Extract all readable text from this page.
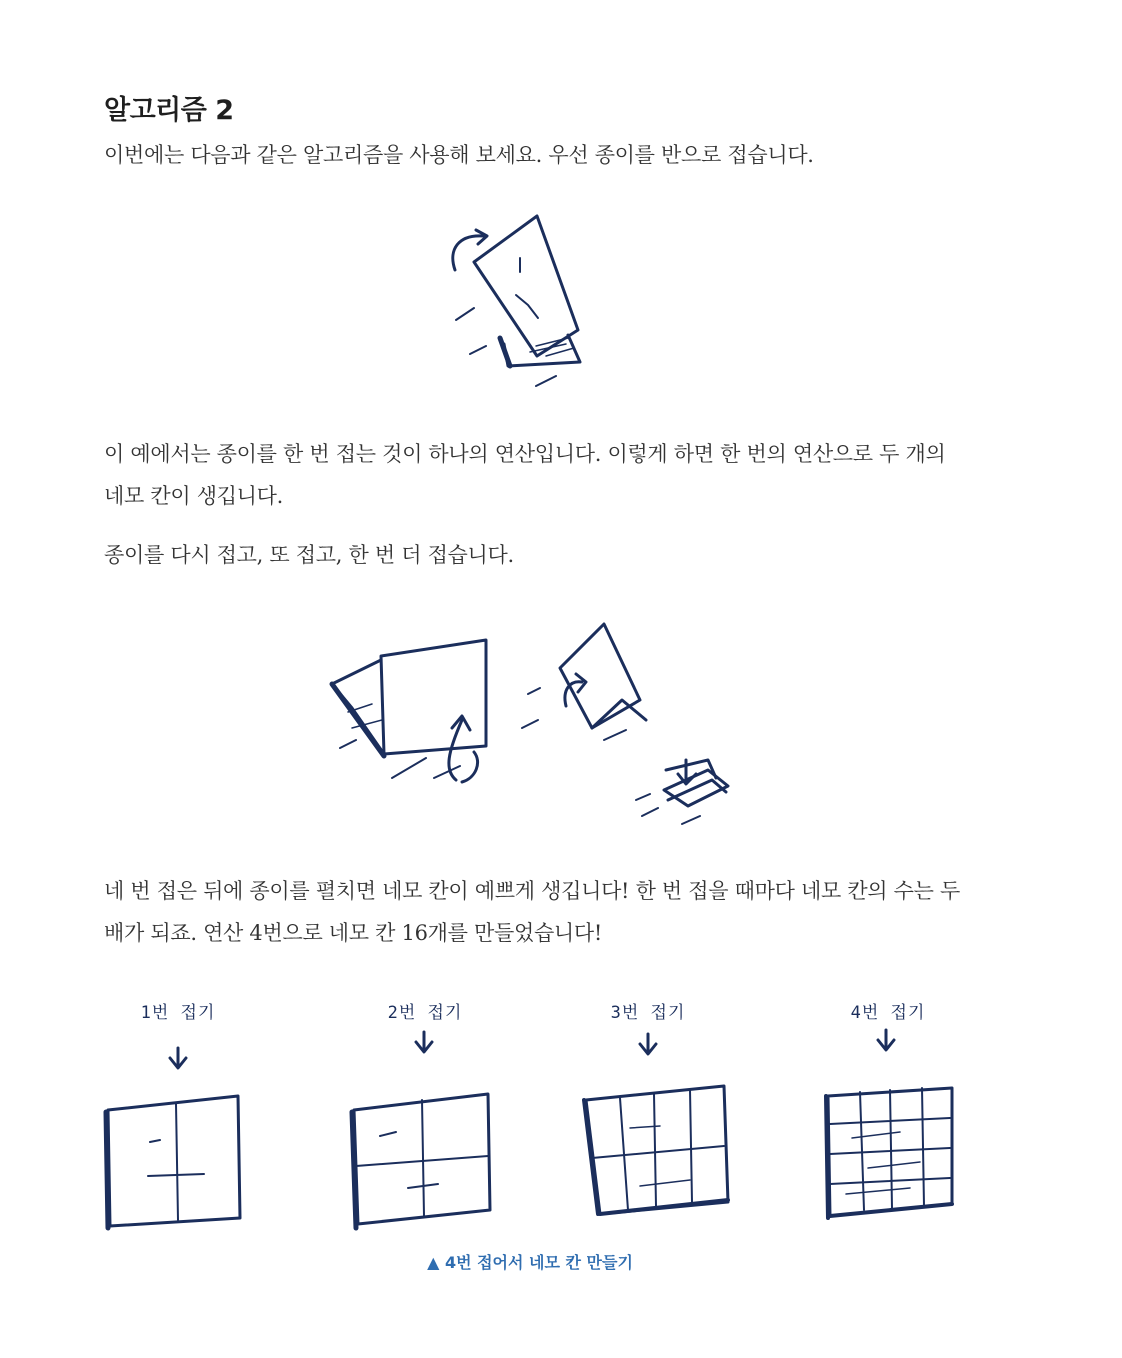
알고리즘 2

이번에는 다음과 같은 알고리즘을 사용해 보세요. 우선 종이를 반으로 접습니다.

이 예에서는 종이를 한 번 접는 것이 하나의 연산입니다. 이렇게 하면 한 번의 연산으로 두 개의 네모 칸이 생깁니다.

종이를 다시 접고, 또 접고, 한 번 더 접습니다.

네 번 접은 뒤에 종이를 펼치면 네모 칸이 예쁘게 생깁니다! 한 번 접을 때마다 네모 칸의 수는 두 배가 되죠. 연산 4번으로 네모 칸 16개를 만들었습니다!

1번 접기	2번 접기	3번 접기	4번 접기
▲ 4번 접어서 네모 칸 만들기
